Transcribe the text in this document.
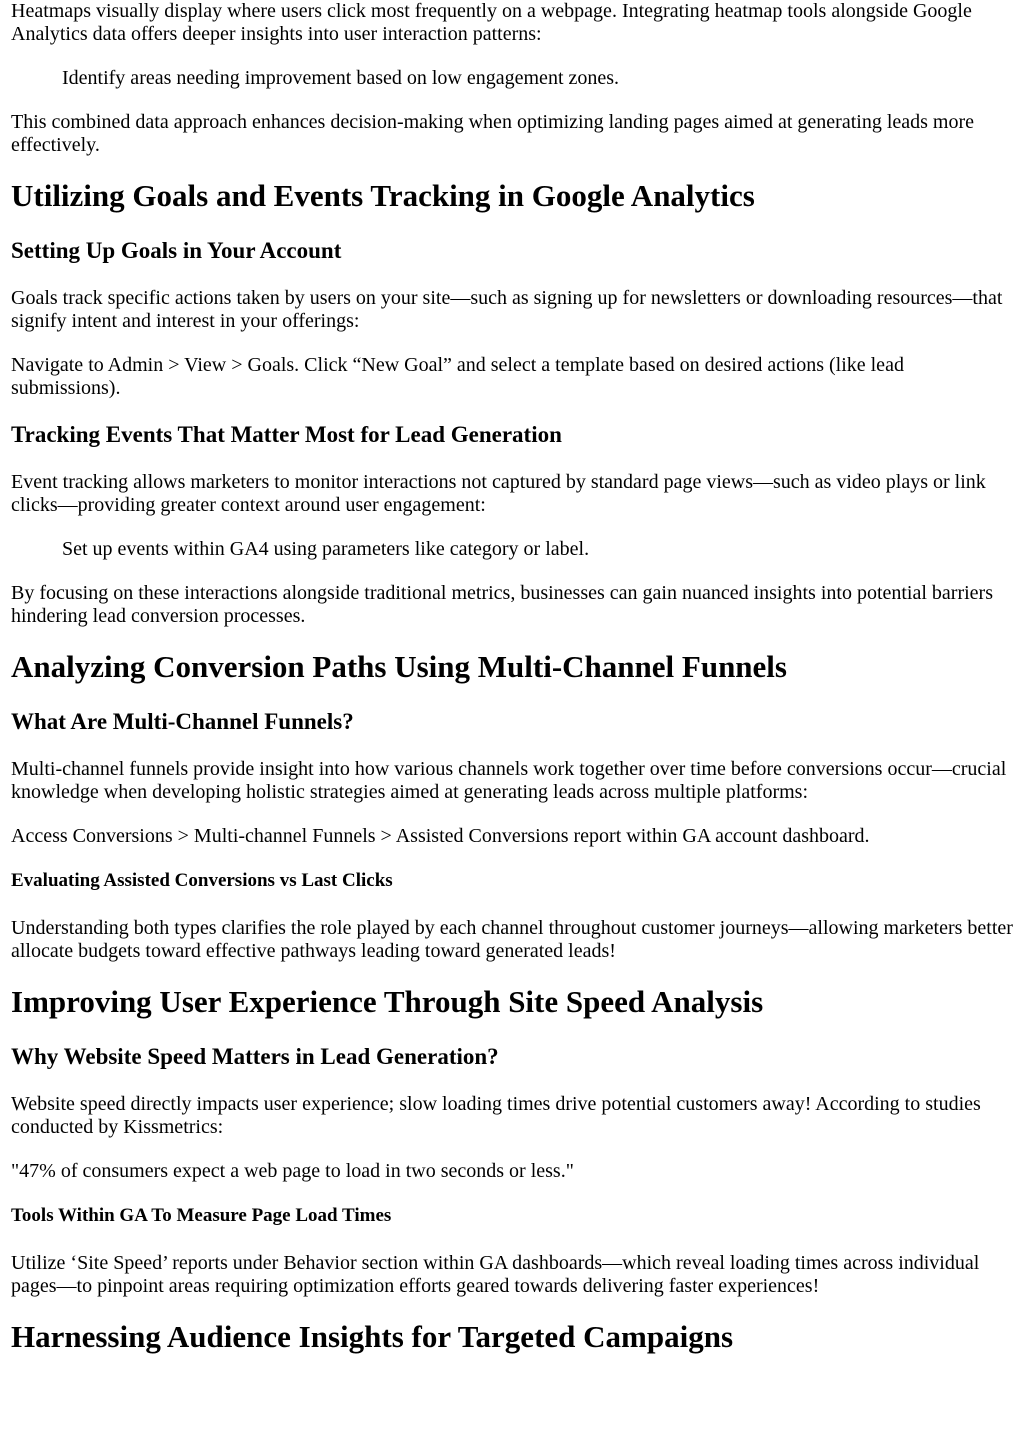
Heatmaps visually display where users click most frequently on a webpage. Integrating heatmap tools alongside Google Analytics data offers deeper insights into user interaction patterns:

Identify areas needing improvement based on low engagement zones.

This combined data approach enhances decision-making when optimizing landing pages aimed at generating leads more effectively.

Utilizing Goals and Events Tracking in Google Analytics
Setting Up Goals in Your Account

Goals track specific actions taken by users on your site—such as signing up for newsletters or downloading resources—that signify intent and interest in your offerings:

Navigate to Admin > View > Goals. Click “New Goal” and select a template based on desired actions (like lead submissions).

Tracking Events That Matter Most for Lead Generation

Event tracking allows marketers to monitor interactions not captured by standard page views—such as video plays or link clicks—providing greater context around user engagement:

Set up events within GA4 using parameters like category or label.

By focusing on these interactions alongside traditional metrics, businesses can gain nuanced insights into potential barriers hindering lead conversion processes.

Analyzing Conversion Paths Using Multi-Channel Funnels
What Are Multi-Channel Funnels?

Multi-channel funnels provide insight into how various channels work together over time before conversions occur—crucial knowledge when developing holistic strategies aimed at generating leads across multiple platforms:

Access Conversions > Multi-channel Funnels > Assisted Conversions report within GA account dashboard.

Evaluating Assisted Conversions vs Last Clicks

Understanding both types clarifies the role played by each channel throughout customer journeys—allowing marketers better allocate budgets toward effective pathways leading toward generated leads!

Improving User Experience Through Site Speed Analysis
Why Website Speed Matters in Lead Generation?

Website speed directly impacts user experience; slow loading times drive potential customers away! According to studies conducted by Kissmetrics:

"47% of consumers expect a web page to load in two seconds or less."

Tools Within GA To Measure Page Load Times

Utilize ‘Site Speed’ reports under Behavior section within GA dashboards—which reveal loading times across individual pages—to pinpoint areas requiring optimization efforts geared towards delivering faster experiences!

Harnessing Audience Insights for Targeted Campaigns
